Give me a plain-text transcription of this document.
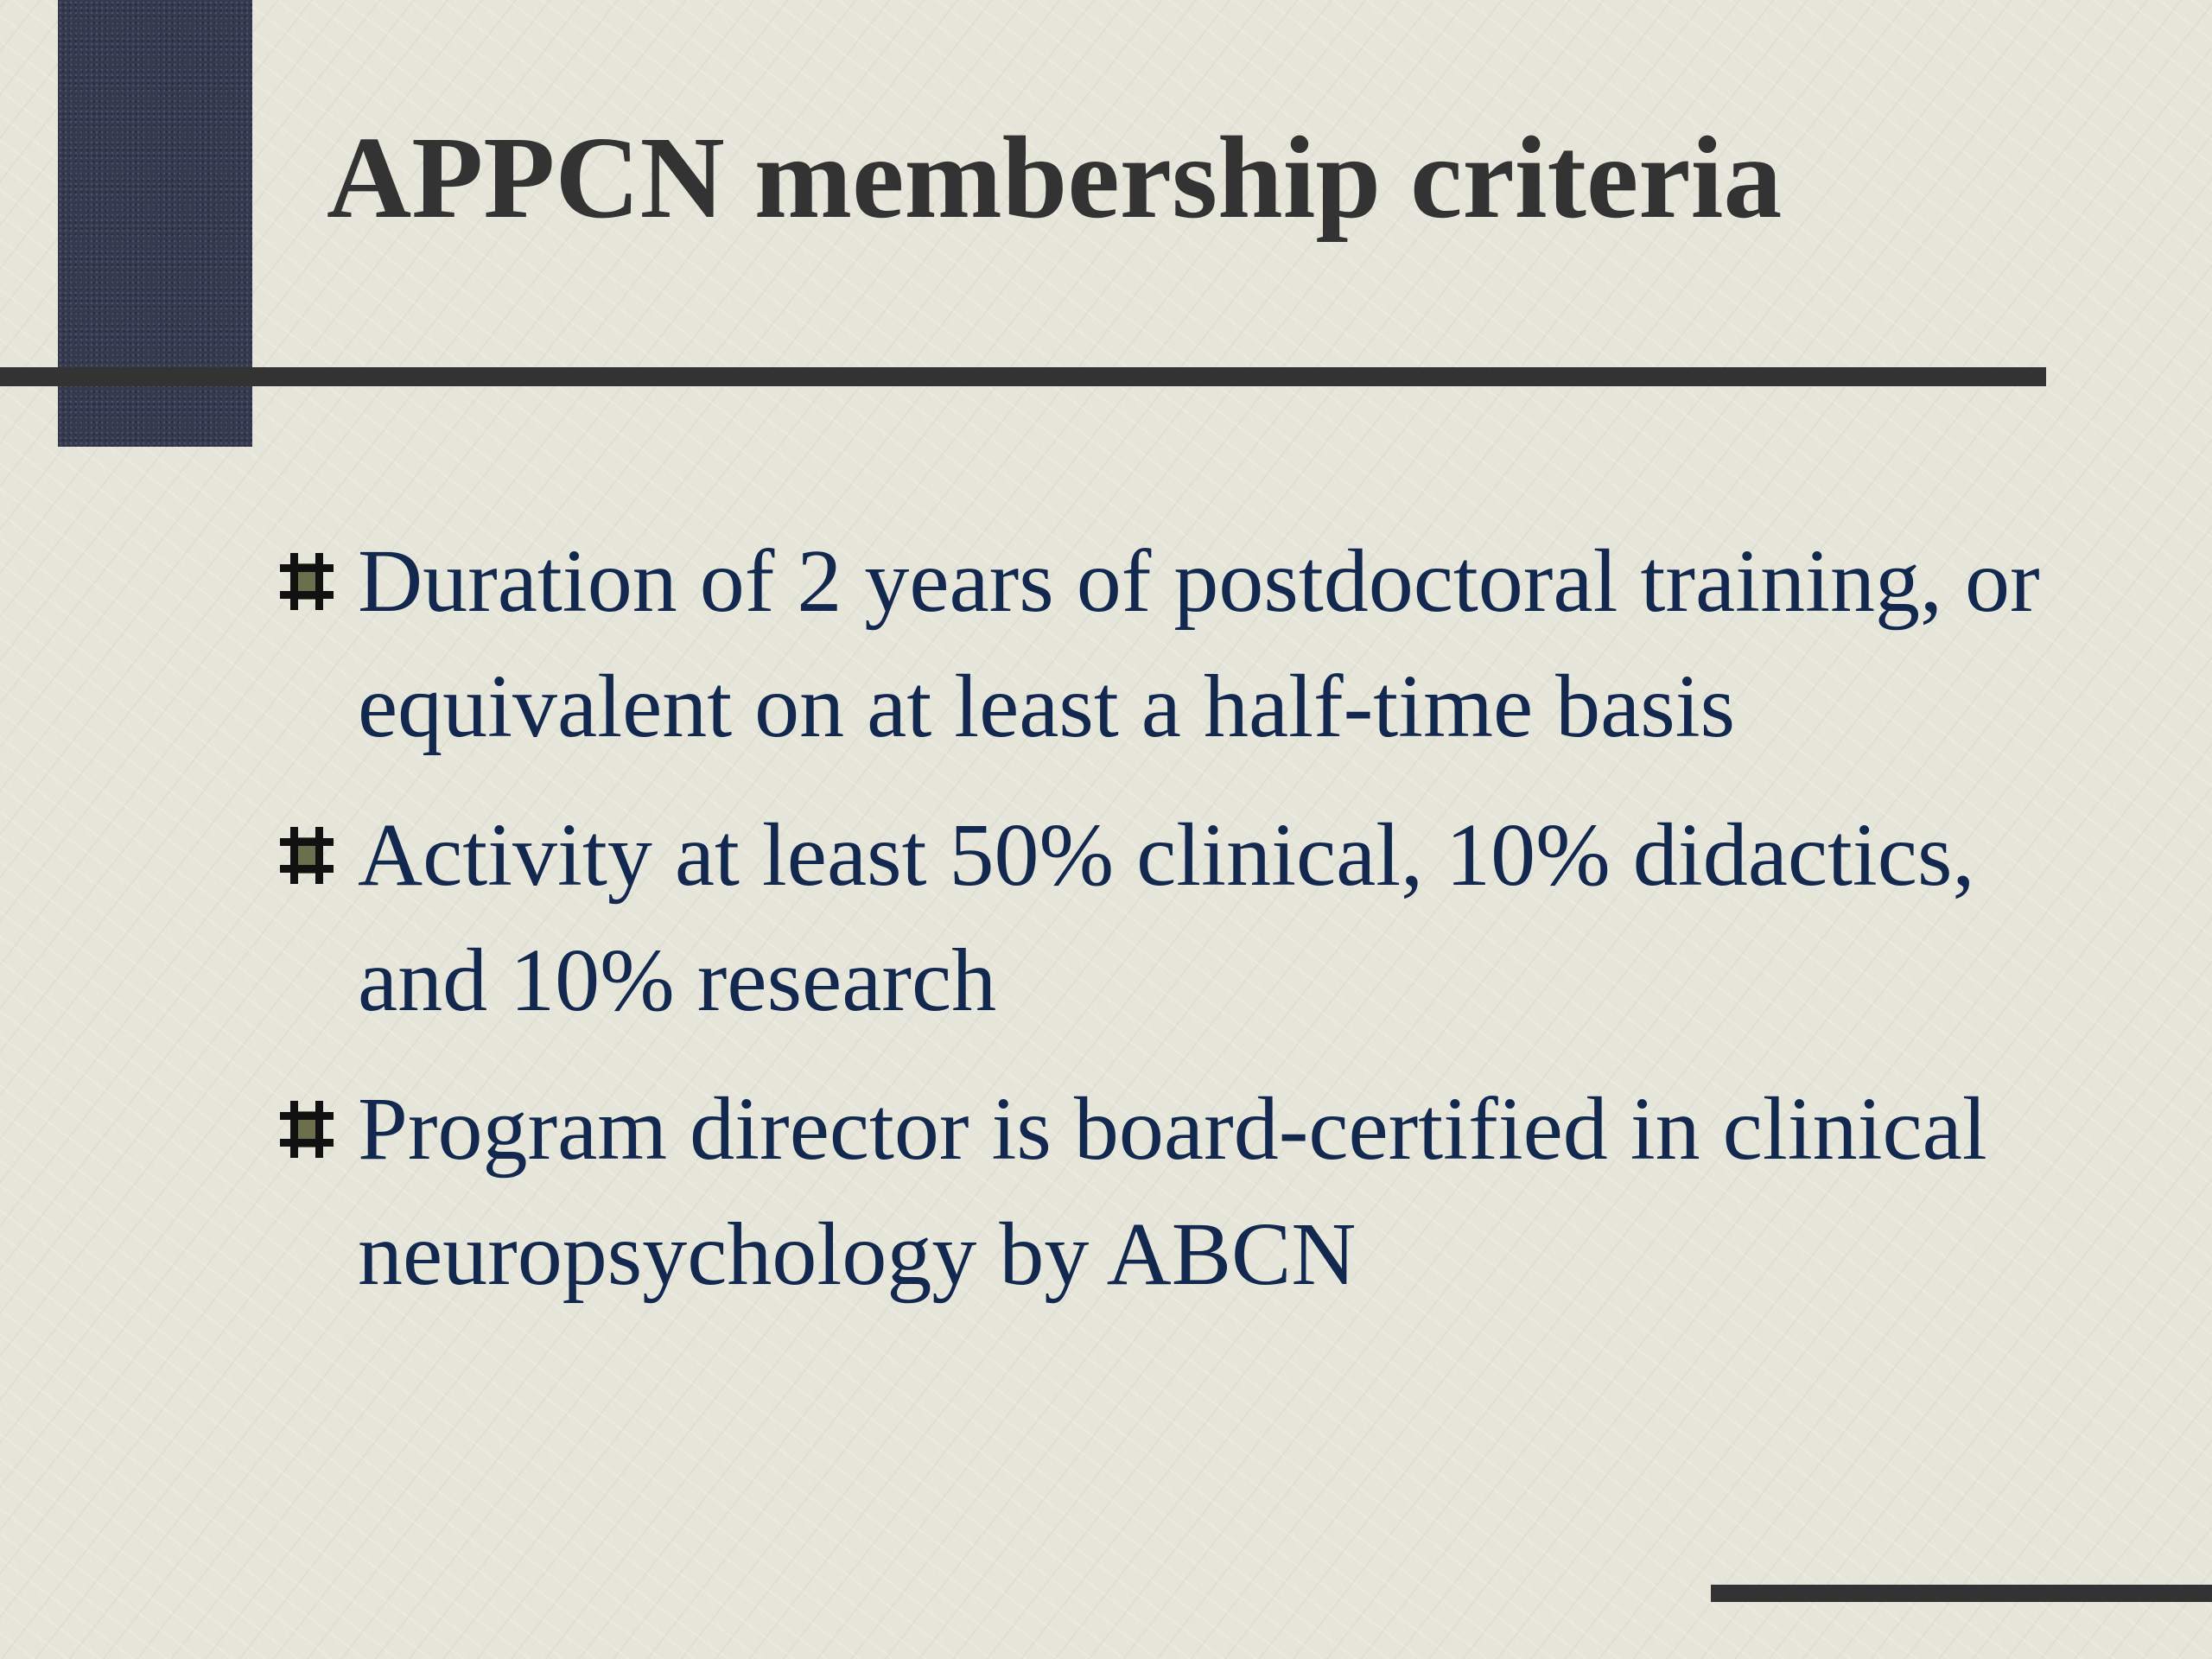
APPCN membership criteria
Duration of 2 years of postdoctoral training, or equivalent on at least a half-time basis
Activity at least 50% clinical, 10% didactics, and 10% research
Program director is board-certified in clinical neuropsychology by ABCN
